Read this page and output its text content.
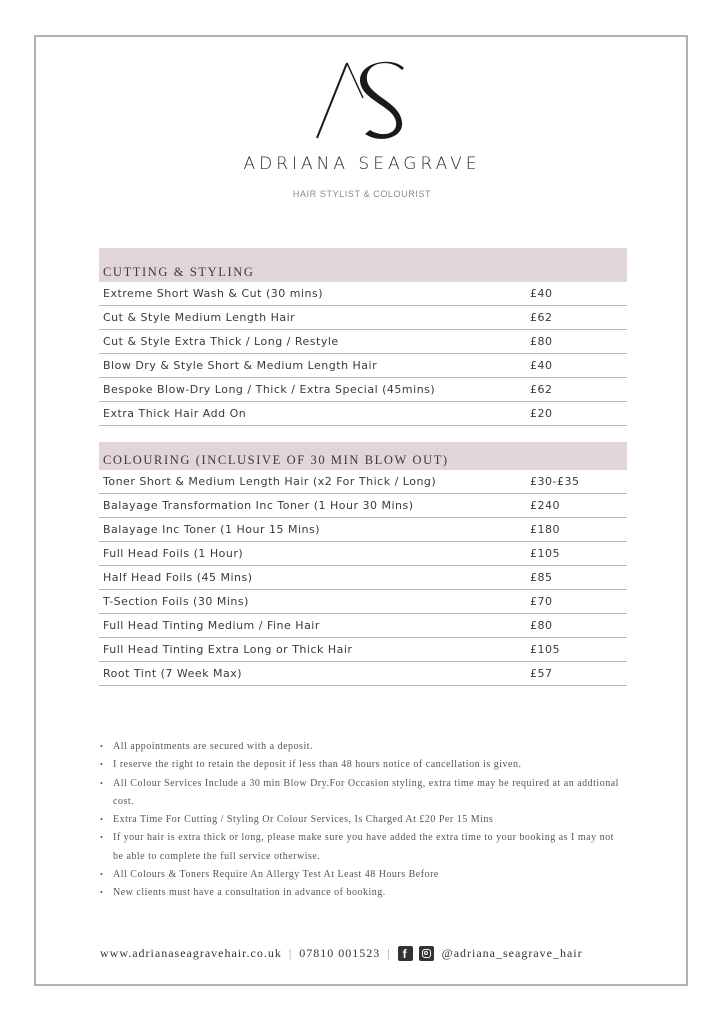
ADRIANA SEAGRAVE
HAIR STYLIST & COLOURIST
CUTTING & STYLING
Extreme Short Wash & Cut (30 mins)	£40
Cut & Style Medium Length Hair	£62
Cut & Style Extra Thick / Long / Restyle	£80
Blow Dry & Style Short & Medium Length Hair	£40
Bespoke Blow-Dry Long / Thick / Extra Special (45mins)	£62
Extra Thick Hair Add On	£20
COLOURING (INCLUSIVE OF 30 MIN BLOW OUT)
Toner Short & Medium Length Hair (x2 For Thick / Long)	£30-£35
Balayage Transformation Inc Toner (1 Hour 30 Mins)	£240
Balayage Inc Toner (1 Hour 15 Mins)	£180
Full Head Foils (1 Hour)	£105
Half Head Foils (45 Mins)	£85
T-Section Foils (30 Mins)	£70
Full Head Tinting Medium / Fine Hair	£80
Full Head Tinting Extra Long or Thick Hair	£105
Root Tint (7 Week Max)	£57
• All appointments are secured with a deposit.
• I reserve the right to retain the deposit if less than 48 hours notice of cancellation is given.
• All Colour Services Include a 30 min Blow Dry.For Occasion styling, extra time may be required at an addtional cost.
• Extra Time For Cutting / Styling Or Colour Services, Is Charged At £20 Per 15 Mins
• If your hair is extra thick or long, please make sure you have added the extra time to your booking as I may not be able to complete the full service otherwise.
• All Colours & Toners Require An Allergy Test At Least 48 Hours Before
• New clients must have a consultation in advance of booking.
www.adrianaseagravehair.co.uk | 07810 001523 | f
	@adriana_seagrave_hair
